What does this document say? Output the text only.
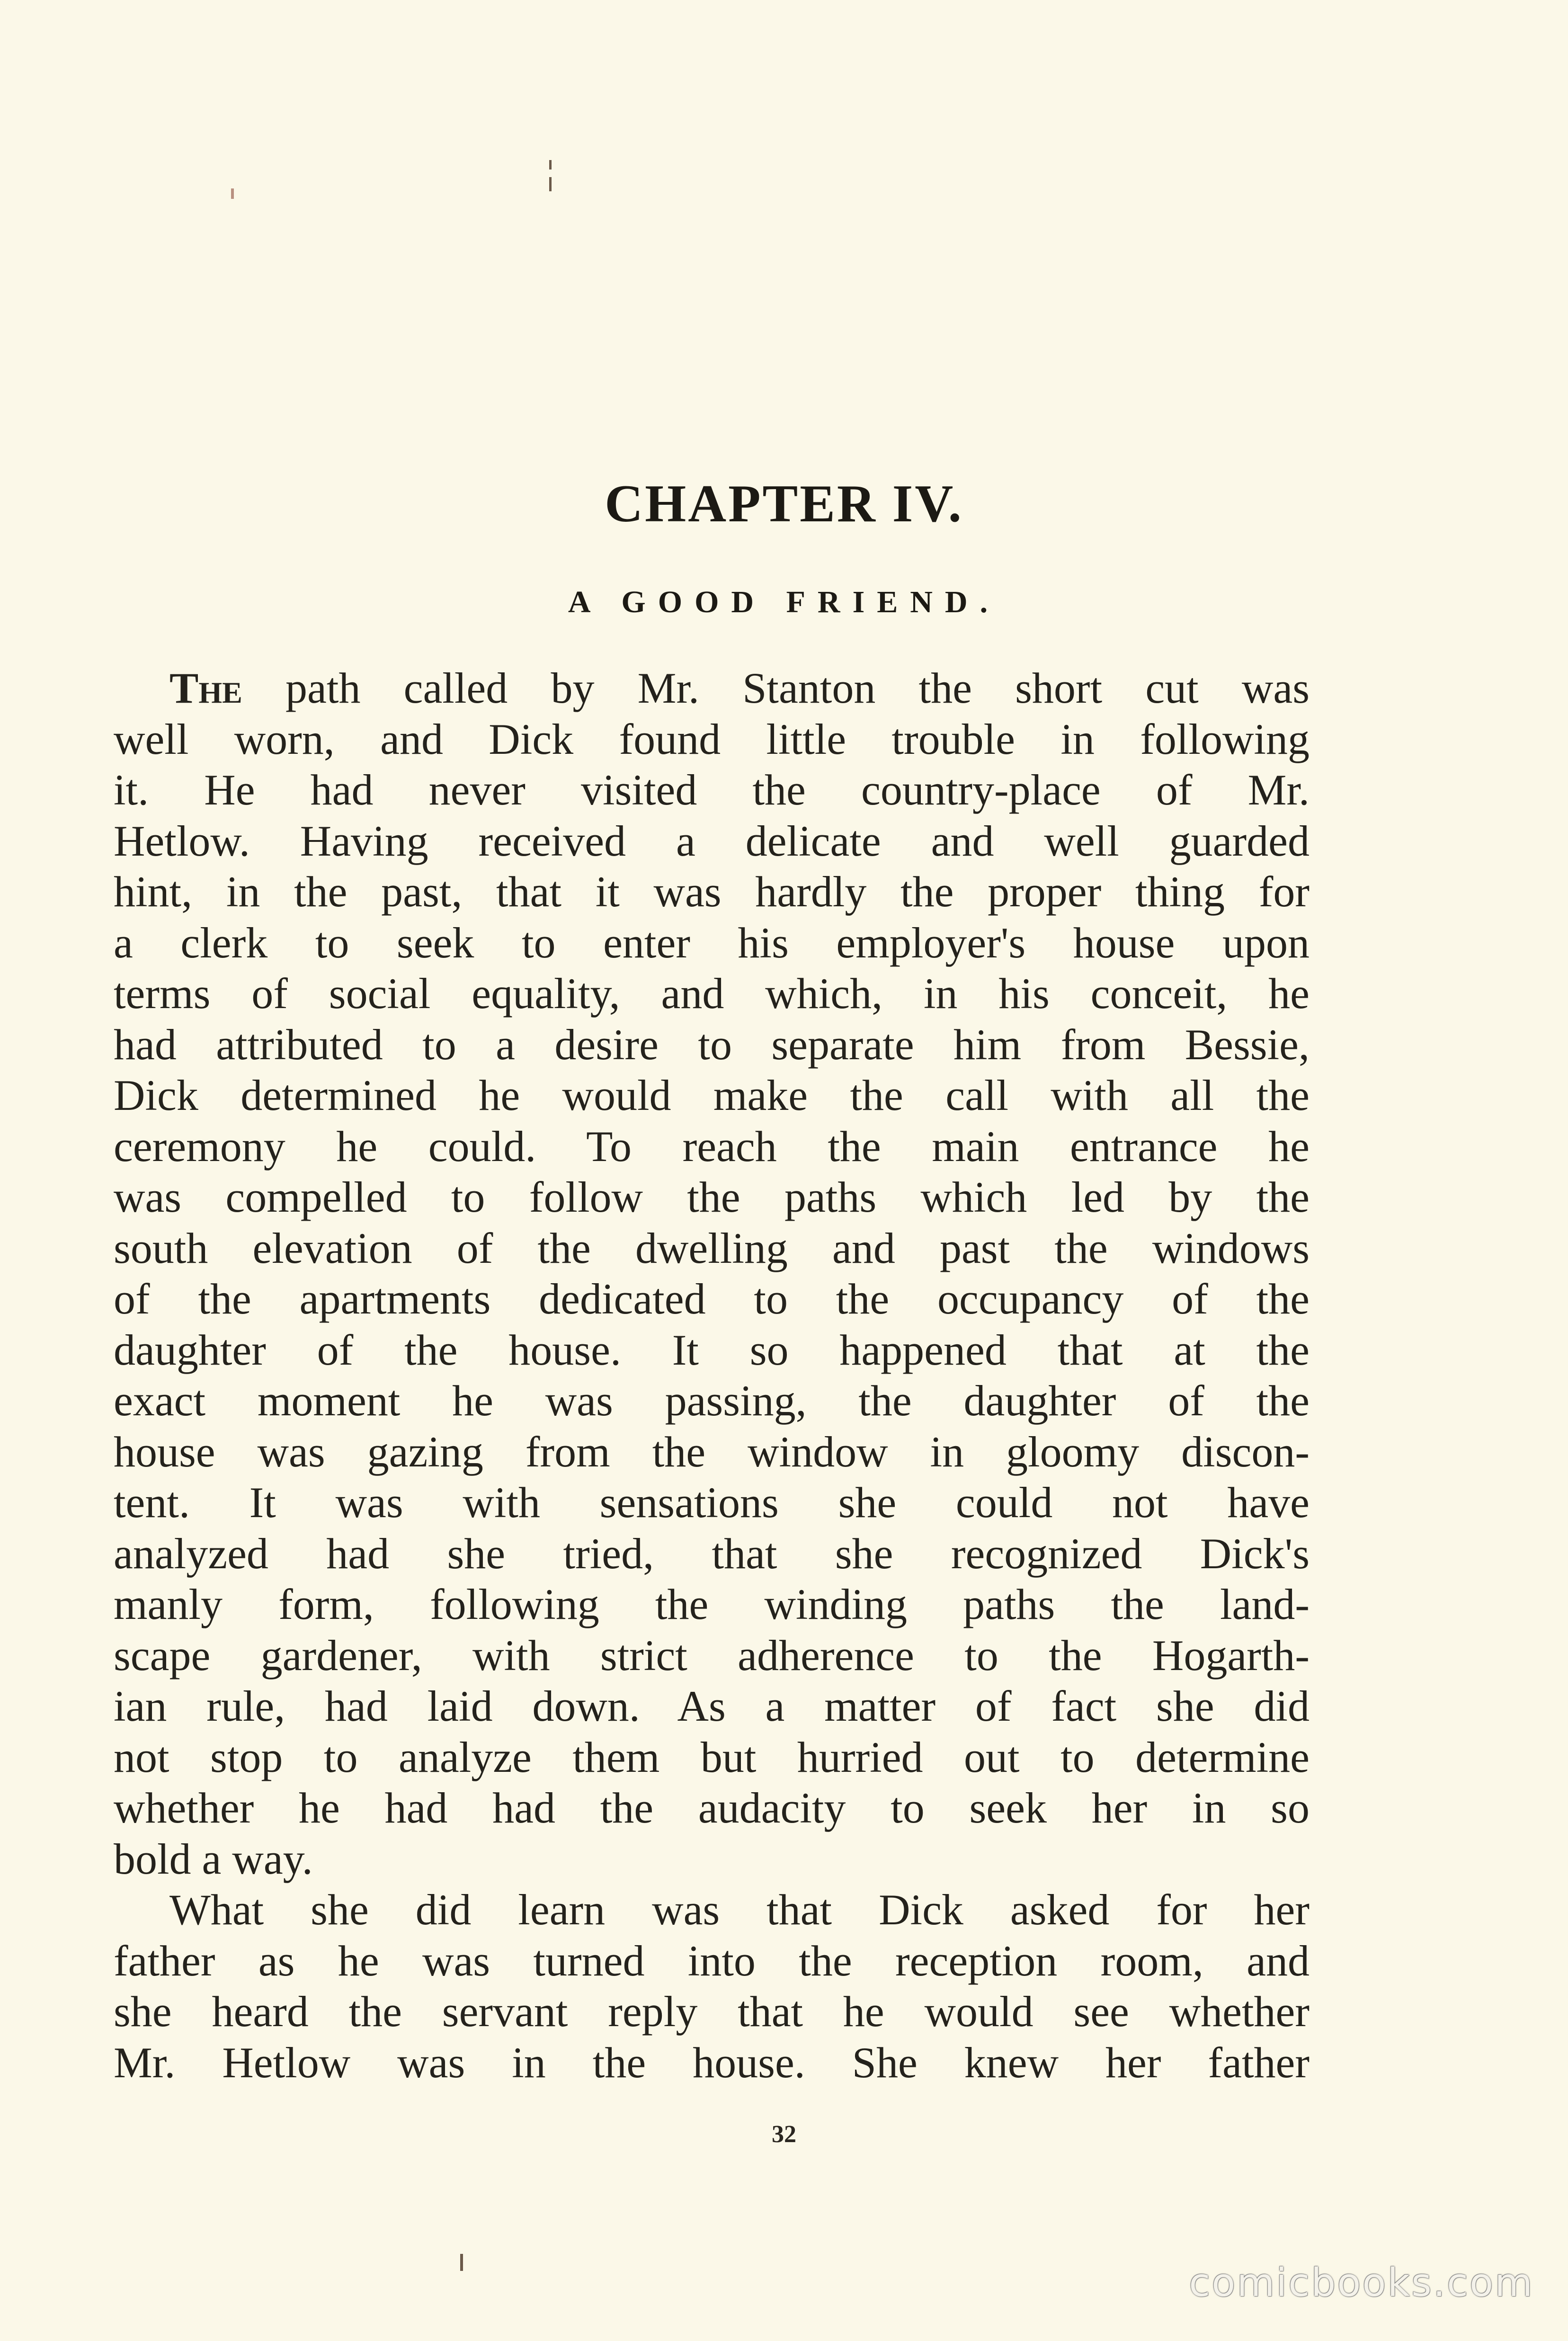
CHAPTER IV.
A GOOD FRIEND.
The path called by Mr. Stanton the short cut was
well worn, and Dick found little trouble in following
it. He had never visited the country-place of Mr.
Hetlow. Having received a delicate and well guarded
hint, in the past, that it was hardly the proper thing for
a clerk to seek to enter his employer's house upon
terms of social equality, and which, in his conceit, he
had attributed to a desire to separate him from Bessie,
Dick determined he would make the call with all the
ceremony he could. To reach the main entrance he
was compelled to follow the paths which led by the
south elevation of the dwelling and past the windows
of the apartments dedicated to the occupancy of the
daughter of the house. It so happened that at the
exact moment he was passing, the daughter of the
house was gazing from the window in gloomy discon-
tent. It was with sensations she could not have
analyzed had she tried, that she recognized Dick's
manly form, following the winding paths the land-
scape gardener, with strict adherence to the Hogarth-
ian rule, had laid down. As a matter of fact she did
not stop to analyze them but hurried out to determine
whether he had had the audacity to seek her in so
bold a way.
What she did learn was that Dick asked for her
father as he was turned into the reception room, and
she heard the servant reply that he would see whether
Mr. Hetlow was in the house. She knew her father
32
comicbooks.com
